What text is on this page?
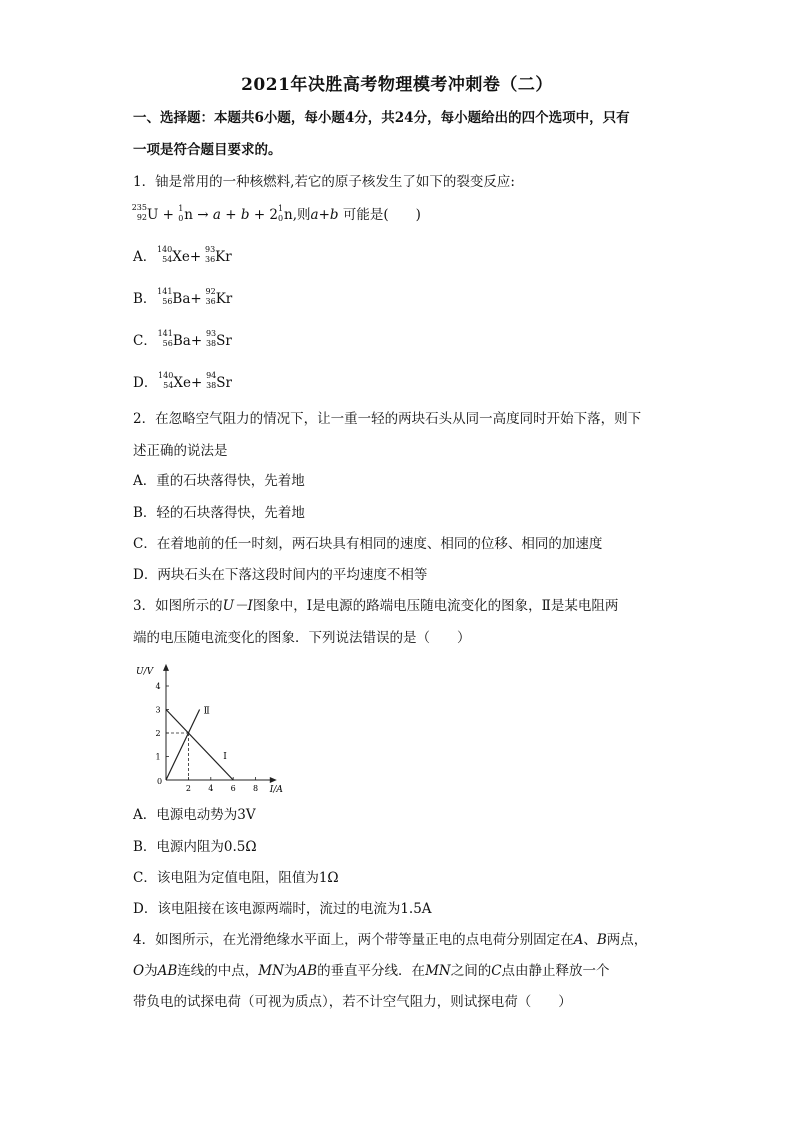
2021年决胜高考物理模考冲刺卷（二）
一、选择题：本题共6小题，每小题4分，共24分，每小题给出的四个选项中，只有
一项是符合题目要求的。
1．铀是常用的一种核燃料,若它的原子核发生了如下的裂变反应:
235
92 U + 1
0 n → a + b + 2 1
0 n,则a+b 可能是(　　)
A． 140
54 Xe+ 93
36 Kr
B． 141
56 Ba+ 92
36 Kr
C． 141
56 Ba+ 93
38 Sr
D． 140
54 Xe+ 94
38 Sr
2．在忽略空气阻力的情况下，让一重一轻的两块石头从同一高度同时开始下落，则下
述正确的说法是
A．重的石块落得快，先着地
B．轻的石块落得快，先着地
C．在着地前的任一时刻，两石块具有相同的速度、相同的位移、相同的加速度
D．两块石头在下落这段时间内的平均速度不相等
3．如图所示的U－I图象中，Ⅰ是电源的路端电压随电流变化的图象，Ⅱ是某电阻两
端的电压随电流变化的图象．下列说法错误的是（　　）
U/V
I/A
0
2 4 6 8
1
2
3
4
Ⅰ
Ⅱ
A．电源电动势为3V
B．电源内阻为0.5Ω
C．该电阻为定值电阻，阻值为1Ω
D．该电阻接在该电源两端时，流过的电流为1.5A
4．如图所示，在光滑绝缘水平面上，两个带等量正电的点电荷分别固定在A、B两点，
O为AB连线的中点，MN为AB的垂直平分线．在MN之间的C点由静止释放一个
带负电的试探电荷（可视为质点），若不计空气阻力，则试探电荷（　　）
